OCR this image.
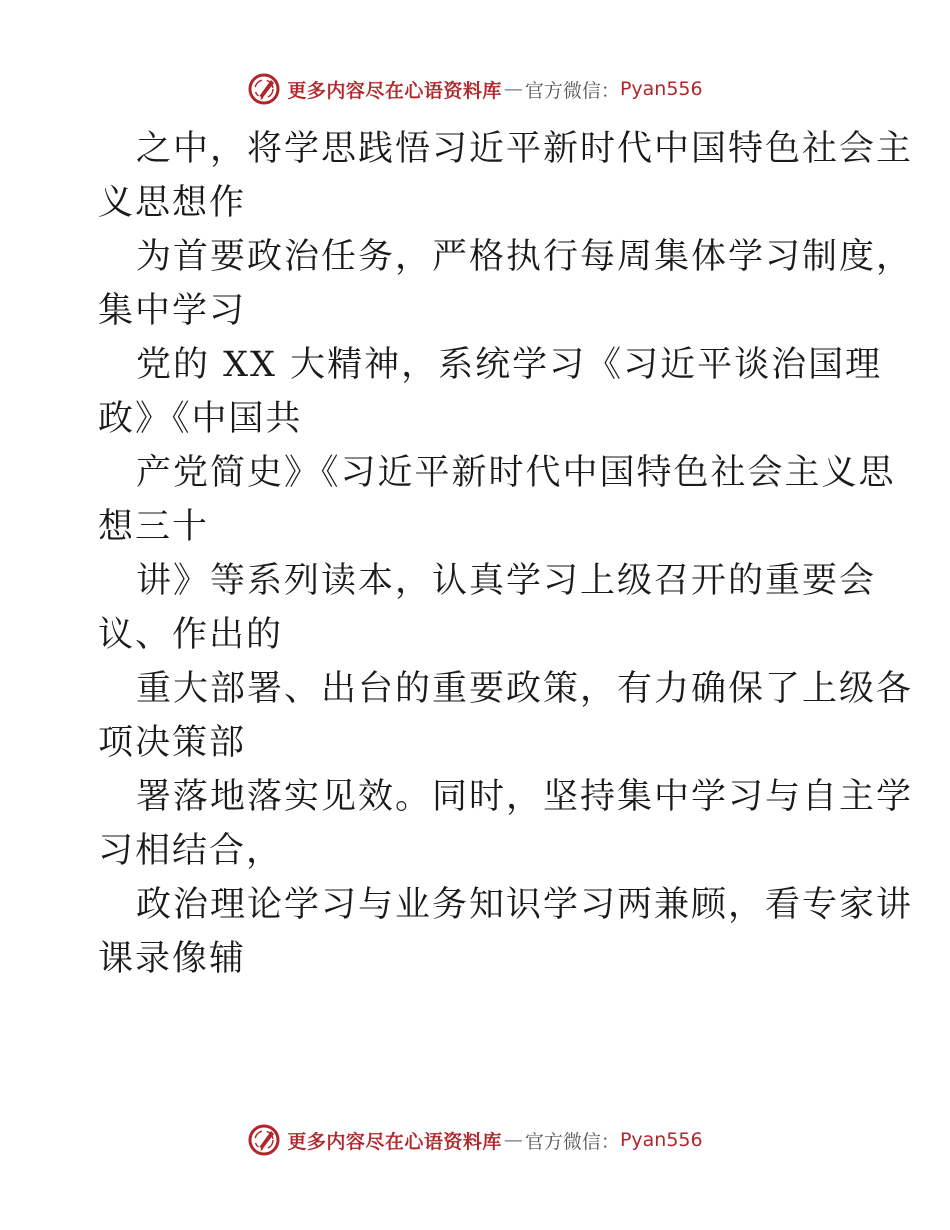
更多内容尽在心语资料库 — 官方微信： Pyan556
之中，将学思践悟习近平新时代中国特色社会主
义思想作
为首要政治任务，严格执行每周集体学习制度，
集中学习
党的 XX 大精神，系统学习《习近平谈治国理
政》《中国共
产党简史》《习近平新时代中国特色社会主义思
想三十
讲》等系列读本，认真学习上级召开的重要会
议、作出的
重大部署、出台的重要政策，有力确保了上级各
项决策部
署落地落实见效。同时，坚持集中学习与自主学
习相结合，
政治理论学习与业务知识学习两兼顾，看专家讲
课录像辅
更多内容尽在心语资料库 — 官方微信： Pyan556
